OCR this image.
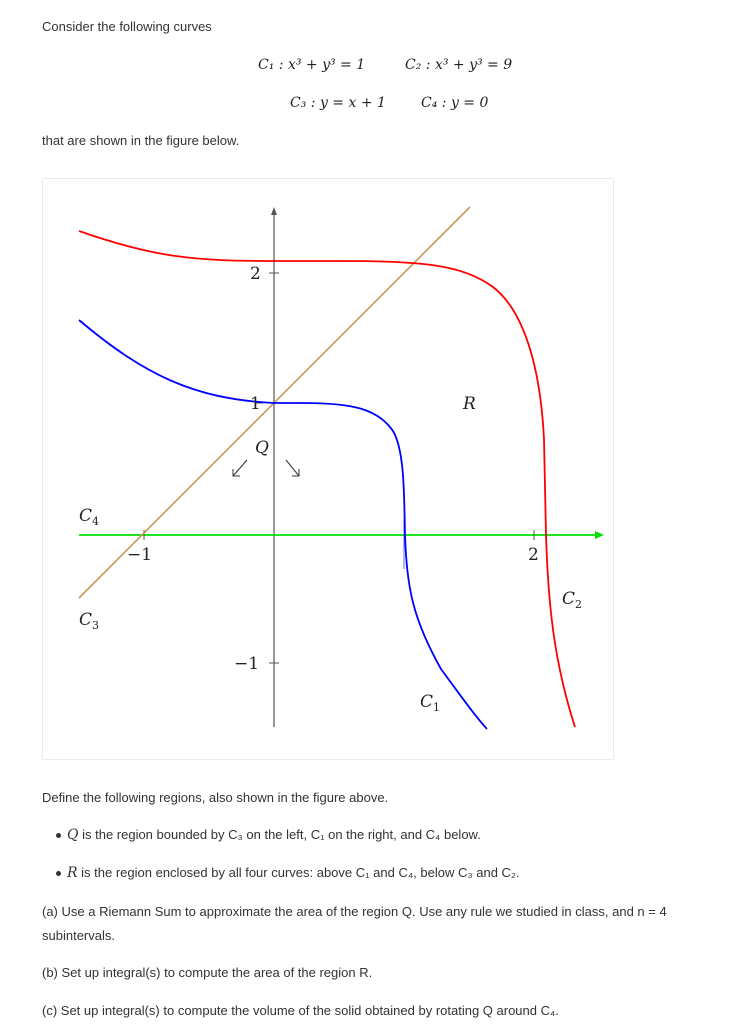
Consider the following curves
C₁ : x³ + y³ = 1	C₂ : x³ + y³ = 9
C₃ : y = x + 1	C₄ : y = 0
that are shown in the figure below.
2
1
−1
−1	2
$C_4$
$C_3$
$C_2$
$C_1$
R
Q
Define the following regions, also shown in the figure above.
Q is the region bounded by C₃ on the left, C₁ on the right, and C₄ below.
R is the region enclosed by all four curves: above C₁ and C₄, below C₃ and C₂.
(a) Use a Riemann Sum to approximate the area of the region Q. Use any rule we studied in class, and n = 4
subintervals.
(b) Set up integral(s) to compute the area of the region R.
(c) Set up integral(s) to compute the volume of the solid obtained by rotating Q around C₄.
